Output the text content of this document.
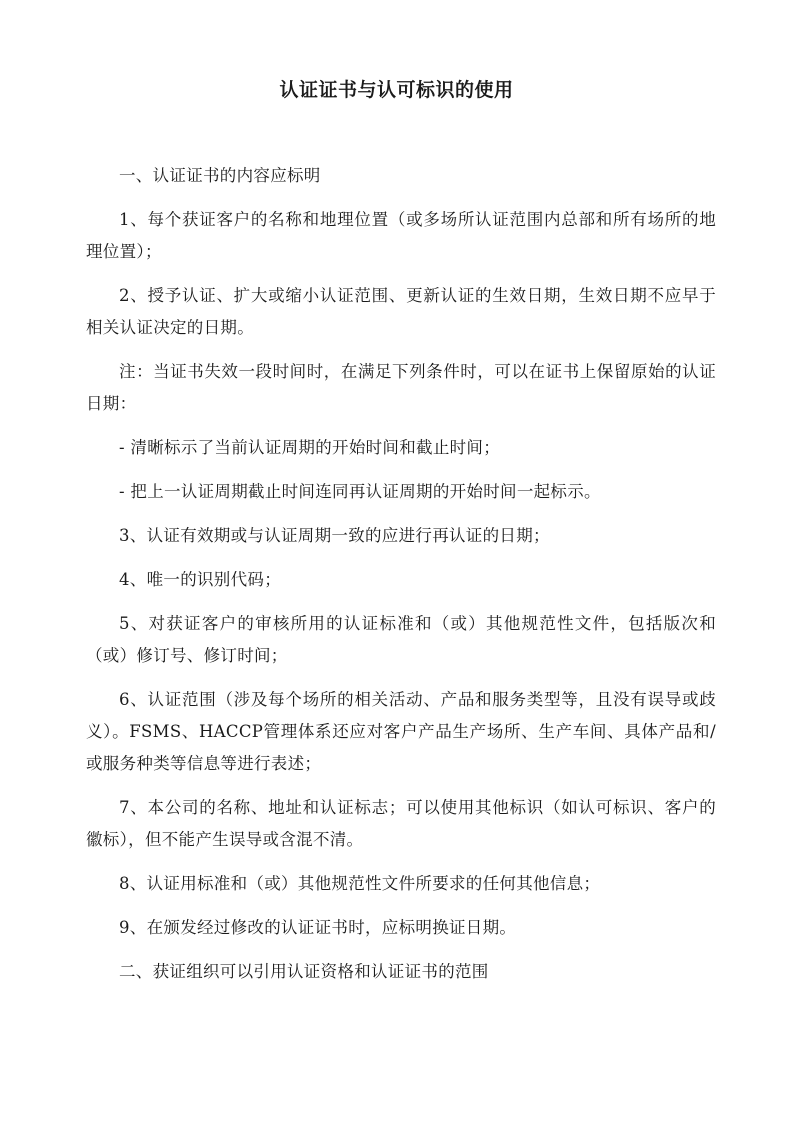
认证证书与认可标识的使用

一、认证证书的内容应标明

1、每个获证客户的名称和地理位置（或多场所认证范围内总部和所有场所的地理位置）；

2、授予认证、扩大或缩小认证范围、更新认证的生效日期，生效日期不应早于相关认证决定的日期。

注：当证书失效一段时间时，在满足下列条件时，可以在证书上保留原始的认证日期：

- 清晰标示了当前认证周期的开始时间和截止时间；

- 把上一认证周期截止时间连同再认证周期的开始时间一起标示。

3、认证有效期或与认证周期一致的应进行再认证的日期；

4、唯一的识别代码；

5、对获证客户的审核所用的认证标准和（或）其他规范性文件，包括版次和（或）修订号、修订时间；

6、认证范围（涉及每个场所的相关活动、产品和服务类型等，且没有误导或歧义）。FSMS、HACCP管理体系还应对客户产品生产场所、生产车间、具体产品和/或服务种类等信息等进行表述；

7、本公司的名称、地址和认证标志；可以使用其他标识（如认可标识、客户的徽标），但不能产生误导或含混不清。

8、认证用标准和（或）其他规范性文件所要求的任何其他信息；

9、在颁发经过修改的认证证书时，应标明换证日期。

二、获证组织可以引用认证资格和认证证书的范围
